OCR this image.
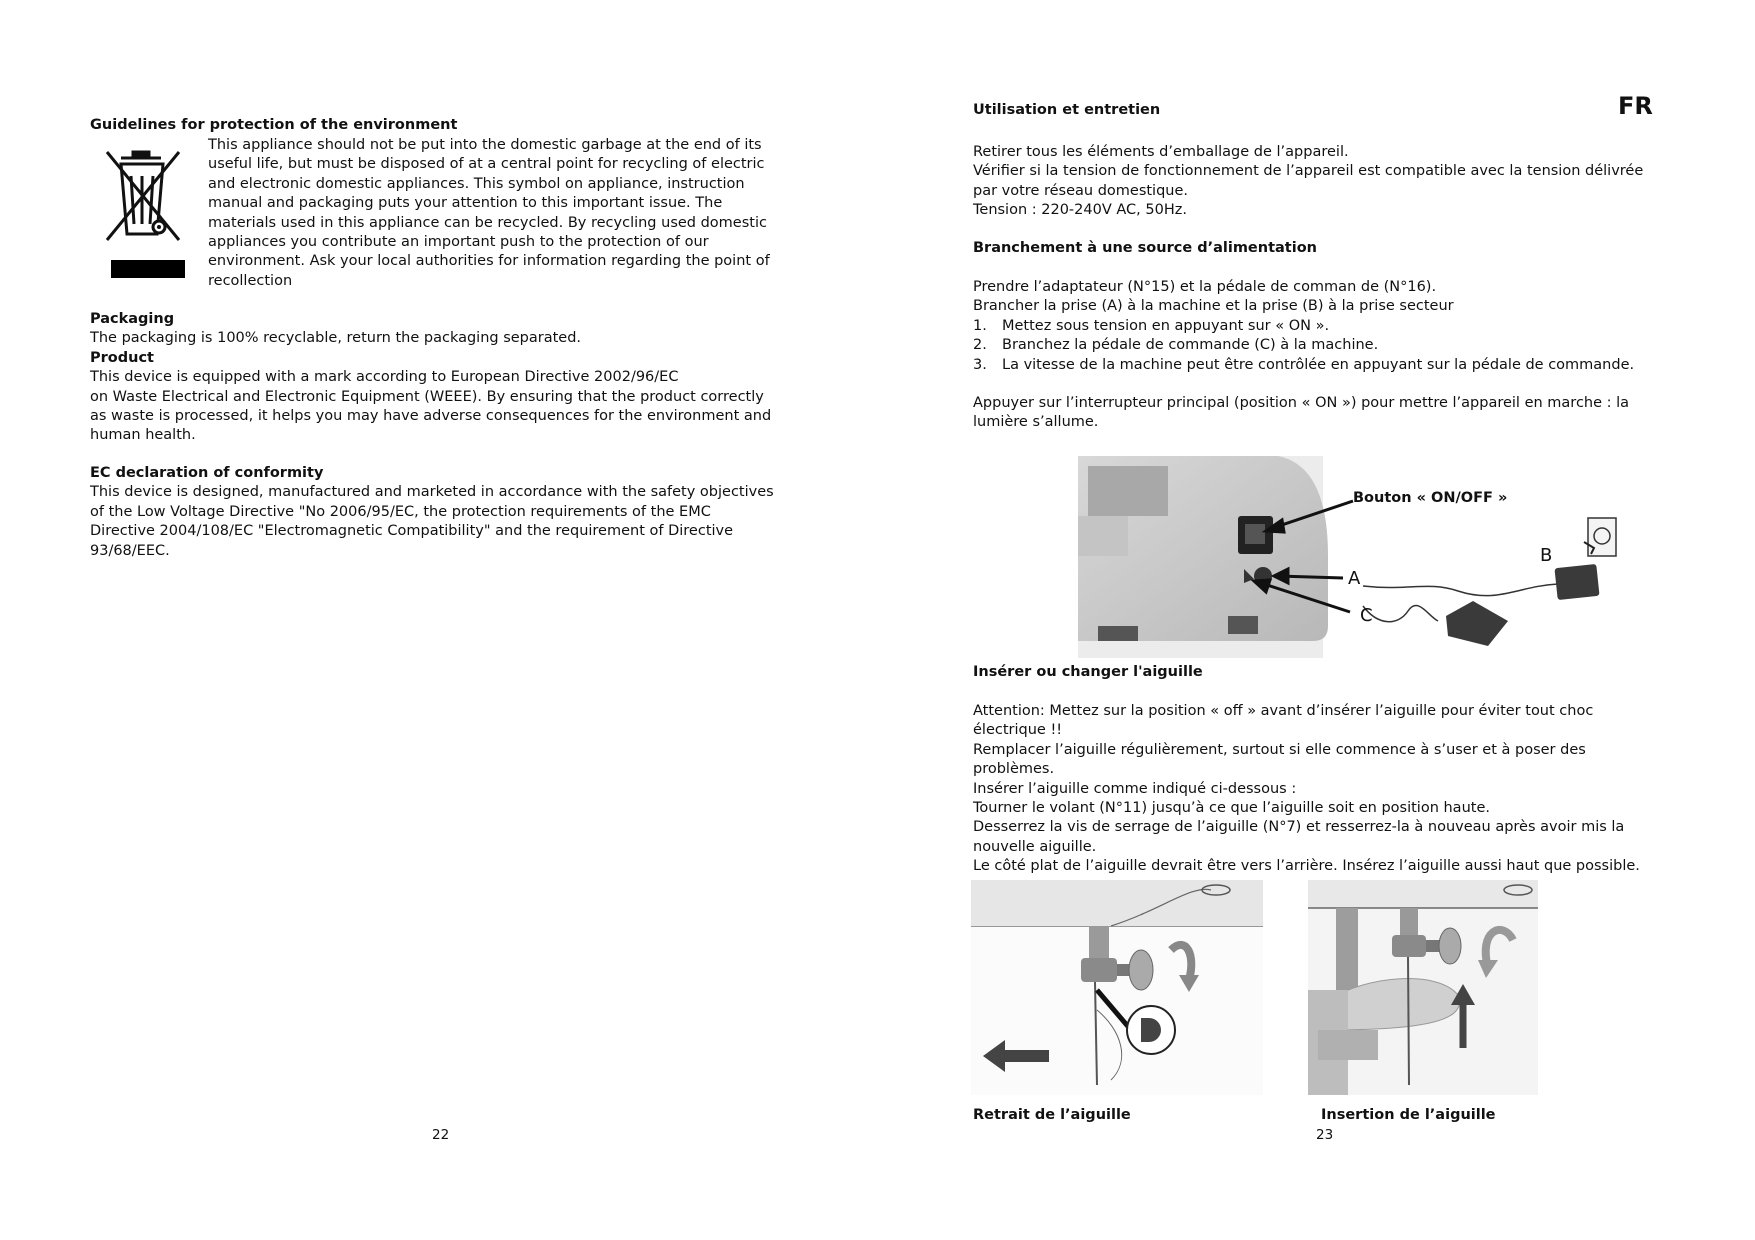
Guidelines for protection of the environment

This appliance should not be put into the domestic garbage at the end of its

useful life, but must be disposed of at a central point for recycling of electric

and electronic domestic appliances. This symbol on appliance, instruction

manual and packaging puts your attention to this important issue. The

materials used in this appliance can be recycled. By recycling used domestic

appliances you contribute an important push to the protection of our

environment. Ask your local authorities for information regarding the point of

recollection

Packaging

The packaging is 100% recyclable, return the packaging separated.

Product

This device is equipped with a mark according to European Directive 2002/96/EC

on Waste Electrical and Electronic Equipment (WEEE). By ensuring that the product correctly

as waste is processed, it helps you may have adverse consequences for the environment and

human health.

EC declaration of conformity

This device is designed, manufactured and marketed in accordance with the safety objectives

of the Low Voltage Directive "No 2006/95/EC, the protection requirements of the EMC

Directive 2004/108/EC "Electromagnetic Compatibility" and the requirement of Directive

93/68/EEC.

22
Utilisation et entretien	FR

Retirer tous les éléments d’emballage de l’appareil.

Vérifier si la tension de fonctionnement de l’appareil est compatible avec la tension délivrée

par votre réseau domestique.

Tension : 220-240V AC, 50Hz.

Branchement à une source d’alimentation

Prendre l’adaptateur (N°15) et la pédale de comman de (N°16).

Brancher la prise (A) à la machine et la prise (B) à la prise secteur

1.	Mettez sous tension en appuyant sur « ON ».
2.	Branchez la pédale de commande (C) à la machine.
3.	La vitesse de la machine peut être contrôlée en appuyant sur la pédale de commande.

Appuyer sur l’interrupteur principal (position « ON ») pour mettre l’appareil en marche : la

lumière s’allume.

Bouton « ON/OFF »
B
A
C
Insérer ou changer l'aiguille

Attention: Mettez sur la position « off » avant d’insérer l’aiguille pour éviter tout choc

électrique !!

Remplacer l’aiguille régulièrement, surtout si elle commence à s’user et à poser des

problèmes.

Insérer l’aiguille comme indiqué ci-dessous :

Tourner le volant (N°11) jusqu’à ce que l’aiguille soit en position haute.

Desserrez la vis de serrage de l’aiguille (N°7) et resserrez-la à nouveau après avoir mis la

nouvelle aiguille.

Le côté plat de l’aiguille devrait être vers l’arrière. Insérez l’aiguille aussi haut que possible.

Retrait de l’aiguille	Insertion de l’aiguille
23
